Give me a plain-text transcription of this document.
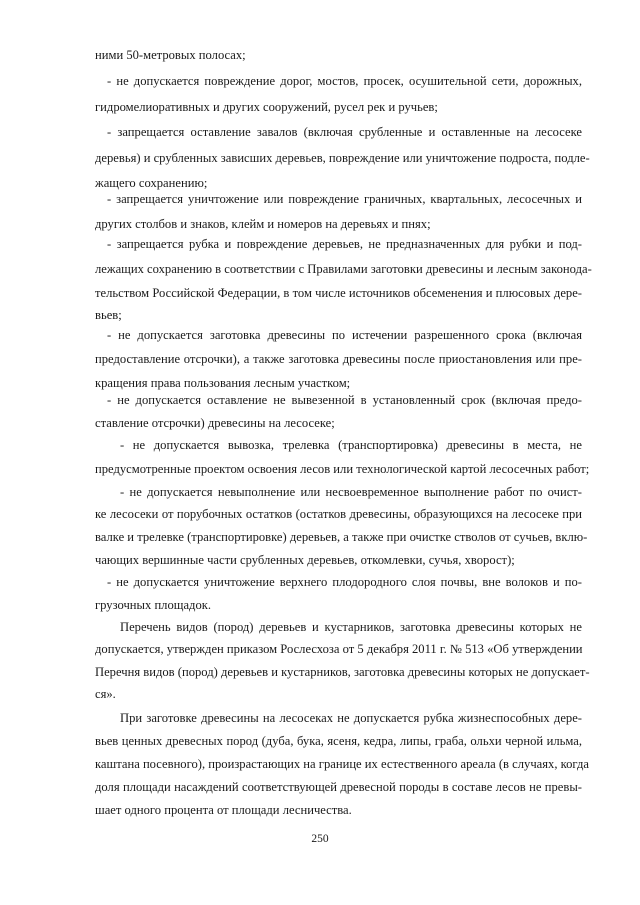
ними 50-метровых полосах;
- не допускается повреждение дорог, мостов, просек, осушительной сети, дорожных,
гидромелиоративных и других сооружений, русел рек и ручьев;
- запрещается оставление завалов (включая срубленные и оставленные на лесосеке
деревья) и срубленных зависших деревьев, повреждение или уничтожение подроста, подле-
жащего сохранению;
- запрещается уничтожение или повреждение граничных, квартальных, лесосечных и
других столбов и знаков, клейм и номеров на деревьях и пнях;
- запрещается рубка и повреждение деревьев, не предназначенных для рубки и под-
лежащих сохранению в соответствии с Правилами заготовки древесины и лесным законода-
тельством Российской Федерации, в том числе источников обсеменения и плюсовых дере-
вьев;
- не допускается заготовка древесины по истечении разрешенного срока (включая
предоставление отсрочки), а также заготовка древесины после приостановления или пре-
кращения права пользования лесным участком;
- не допускается оставление не вывезенной в установленный срок (включая предо-
ставление отсрочки) древесины на лесосеке;
- не допускается вывозка, трелевка (транспортировка) древесины в места, не
предусмотренные проектом освоения лесов или технологической картой лесосечных работ;
- не допускается невыполнение или несвоевременное выполнение работ по очист-
ке лесосеки от порубочных остатков (остатков древесины, образующихся на лесосеке при
валке и трелевке (транспортировке) деревьев, а также при очистке стволов от сучьев, вклю-
чающих вершинные части срубленных деревьев, откомлевки, сучья, хворост);
- не допускается уничтожение верхнего плодородного слоя почвы, вне волоков и по-
грузочных площадок.
Перечень видов (пород) деревьев и кустарников, заготовка древесины которых не
допускается, утвержден приказом Рослесхоза от 5 декабря 2011 г. № 513 «Об утверждении
Перечня видов (пород) деревьев и кустарников, заготовка древесины которых не допускает-
ся».
При заготовке древесины на лесосеках не допускается рубка жизнеспособных дере-
вьев ценных древесных пород (дуба, бука, ясеня, кедра, липы, граба, ольхи черной ильма,
каштана посевного), произрастающих на границе их естественного ареала (в случаях, когда
доля площади насаждений соответствующей древесной породы в составе лесов не превы-
шает одного процента от площади лесничества.
250
